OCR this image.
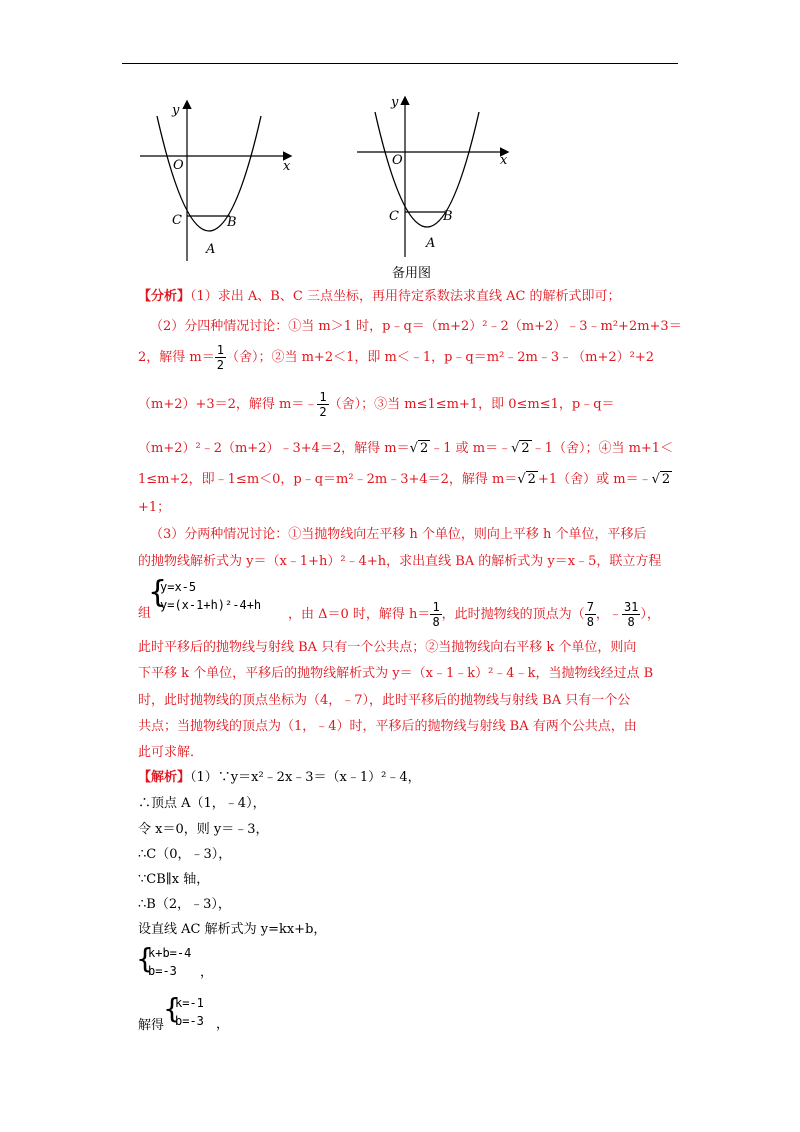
y
x
O
C	B
A
y
x
O
C	B
A
备用图
【分析】（1）求出 A、B、C 三点坐标，再用待定系数法求直线 AC 的解析式即可；
（2）分四种情况讨论：①当 m＞1 时，p﹣q＝（m+2）²﹣2（m+2）﹣3﹣m²+2m+3＝
2，解得 $m= \frac{1}{2}$ （舍）；②当 m+2＜1，即 m＜﹣1，p﹣q＝m²﹣2m﹣3﹣（m+2）²+2
（m+2）+3＝2，解得 m＝﹣ $\frac{1}{2}$ （舍）；③当 m≤1≤m+1，即 0≤m≤1，p﹣q＝
（m+2）²﹣2（m+2）﹣3+4＝2，解得 m＝√ 2 ﹣1 或 m＝﹣√ 2 ﹣1（舍）；④当 m+1＜
1≤m+2，即﹣1≤m＜0，p﹣q＝m²﹣2m﹣3+4＝2，解得 m＝√ 2 +1（舍）或 m＝﹣√ 2
+1；
（3）分两种情况讨论：①当抛物线向左平移 h 个单位，则向上平移 h 个单位，平移后
的抛物线解析式为 y＝（x﹣1+h）²﹣4+h，求出直线 BA 的解析式为 y＝x﹣5，联立方程
{
y=x-5
y=(x-1+h)²-4+h
组	，由 Δ＝0 时，解得 $h= \frac{1}{8}$ ，此时抛物线的顶点为（ $\frac{7}{8}$ ，﹣ $\frac{31}{8}$ ），
此时平移后的抛物线与射线 BA 只有一个公共点；②当抛物线向右平移 k 个单位，则向
下平移 k 个单位，平移后的抛物线解析式为 y＝（x﹣1﹣k）²﹣4﹣k，当抛物线经过点 B
时，此时抛物线的顶点坐标为（4，﹣7），此时平移后的抛物线与射线 BA 只有一个公
共点；当抛物线的顶点为（1，﹣4）时，平移后的抛物线与射线 BA 有两个公共点，由
此可求解．
【解析】（1）∵y＝x²﹣2x﹣3＝（x﹣1）²﹣4，
∴顶点 A（1，﹣4），
令 x＝0，则 y＝﹣3，
∴C（0，﹣3），
∵CB∥x 轴，
∴B（2，﹣3），
设直线 AC 解析式为 y=kx+b，
{
k+b=-4
b=-3	，
解得
{
k=-1
b=-3 ，
